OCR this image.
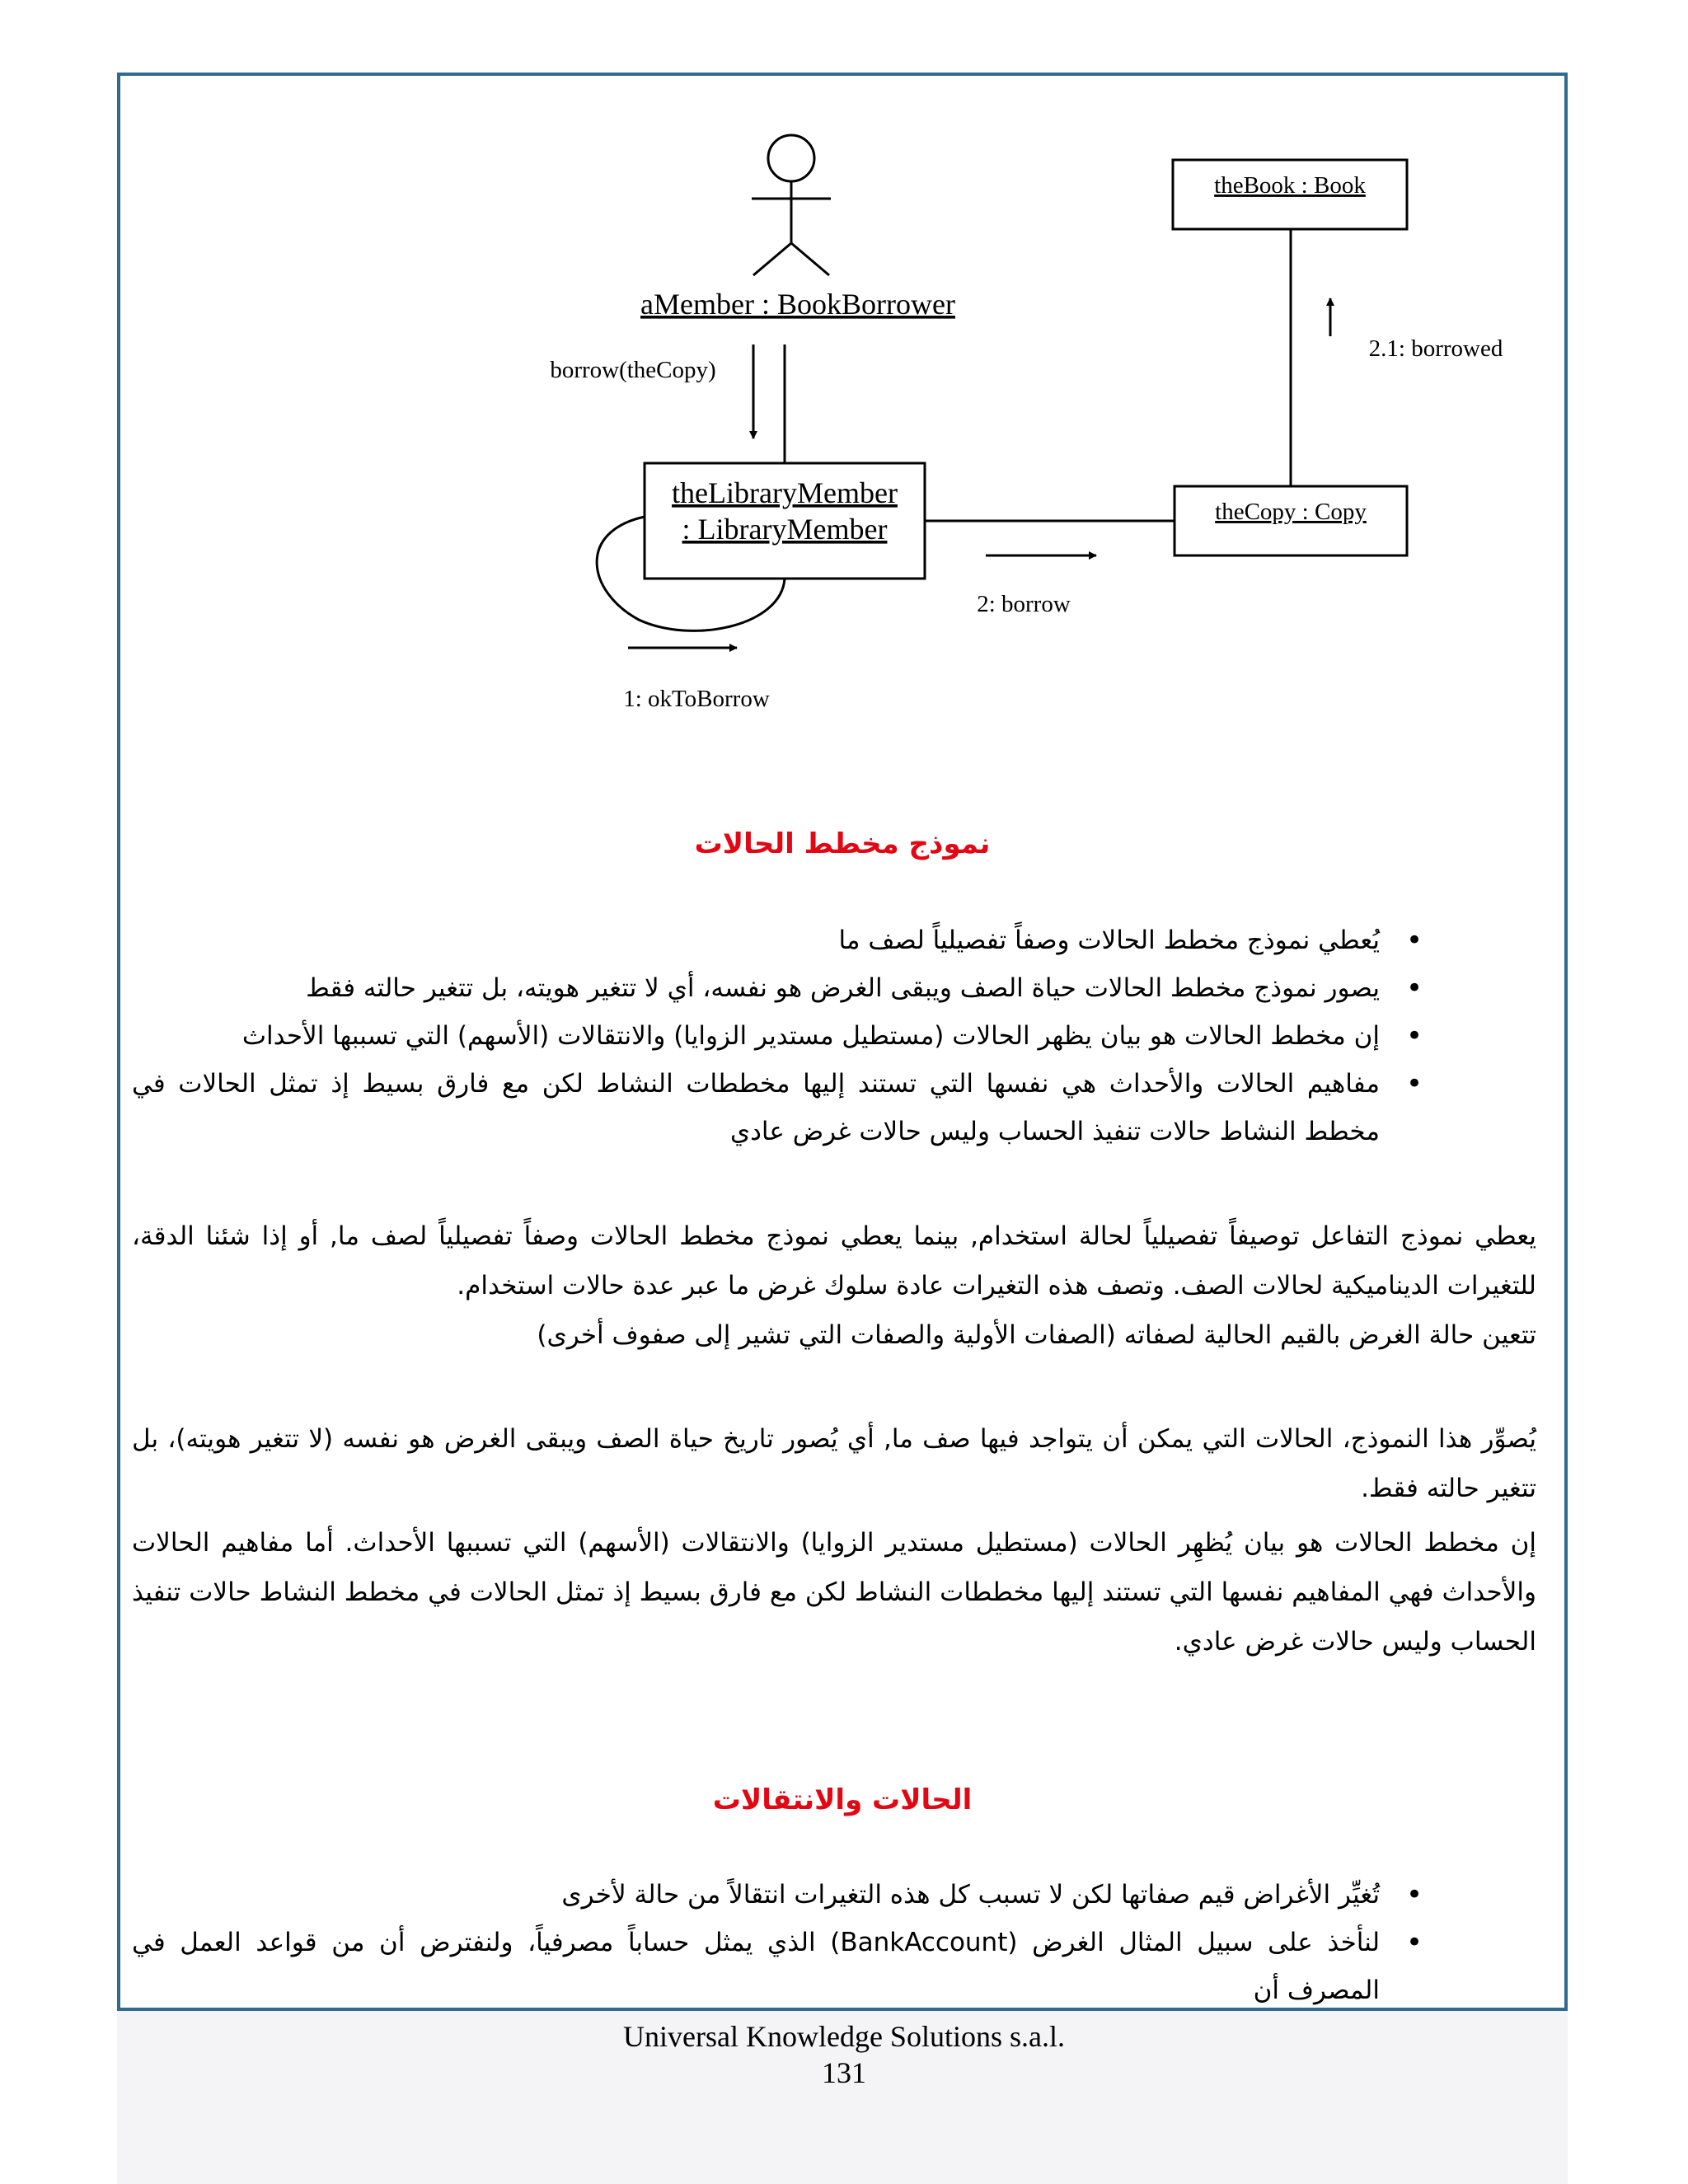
aMember : BookBorrower
borrow(theCopy)
theLibraryMember
: LibraryMember
1: okToBorrow
2: borrow
theCopy : Copy
2.1: borrowed
theBook : Book
نموذج مخطط الحالات
• يُعطي نموذج مخطط الحالات وصفاً تفصيلياً لصف ما
• يصور نموذج مخطط الحالات حياة الصف ويبقى الغرض هو نفسه، أي لا تتغير هويته، بل تتغير حالته فقط
• إن مخطط الحالات هو بيان يظهر الحالات (مستطيل مستدير الزوايا) والانتقالات (الأسهم) التي تسببها الأحداث
• مفاهيم الحالات والأحداث هي نفسها التي تستند إليها مخططات النشاط لكن مع فارق بسيط إذ تمثل الحالات في مخطط النشاط حالات تنفيذ الحساب وليس حالات غرض عادي

يعطي نموذج التفاعل توصيفاً تفصيلياً لحالة استخدام, بينما يعطي نموذج مخطط الحالات وصفاً تفصيلياً لصف ما, أو إذا شئنا الدقة، للتغيرات الديناميكية لحالات الصف. وتصف هذه التغيرات عادة سلوك غرض ما عبر عدة حالات استخدام.

تتعين حالة الغرض بالقيم الحالية لصفاته (الصفات الأولية والصفات التي تشير إلى صفوف أخرى)

يُصوِّر هذا النموذج، الحالات التي يمكن أن يتواجد فيها صف ما, أي يُصور تاريخ حياة الصف ويبقى الغرض هو نفسه (لا تتغير هويته)، بل تتغير حالته فقط.

إن مخطط الحالات هو بيان يُظهِر الحالات (مستطيل مستدير الزوايا) والانتقالات (الأسهم) التي تسببها الأحداث. أما مفاهيم الحالات والأحداث فهي المفاهيم نفسها التي تستند إليها مخططات النشاط لكن مع فارق بسيط إذ تمثل الحالات في مخطط النشاط حالات تنفيذ الحساب وليس حالات غرض عادي.

الحالات والانتقالات
• تُغيِّر الأغراض قيم صفاتها لكن لا تسبب كل هذه التغيرات انتقالاً من حالة لأخرى
• لنأخذ على سبيل المثال الغرض (BankAccount) الذي يمثل حساباً مصرفياً، ولنفترض أن من قواعد العمل في المصرف أن
Universal Knowledge Solutions s.a.l.
131
